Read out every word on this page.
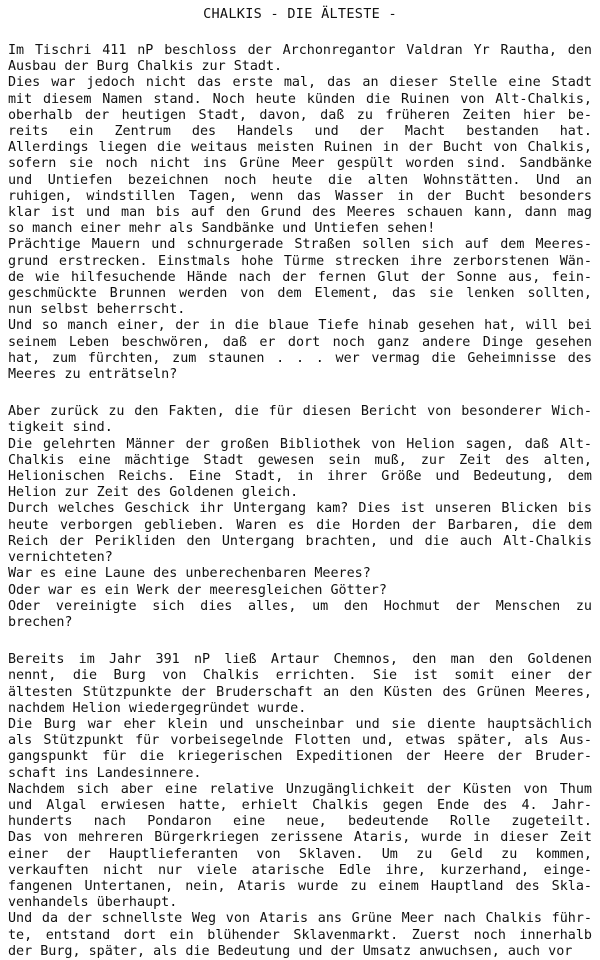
CHALKIS - DIE ÄLTESTE -
Im Tischri 411 nP beschloss der Archonregantor Valdran Yr Rautha, den
Ausbau der Burg Chalkis zur Stadt.
Dies war jedoch nicht das erste mal, das an dieser Stelle eine Stadt
mit diesem Namen stand. Noch heute künden die Ruinen von Alt-Chalkis,
oberhalb der heutigen Stadt, davon, daß zu früheren Zeiten hier be-
reits ein Zentrum des Handels und der Macht bestanden hat.
Allerdings liegen die weitaus meisten Ruinen in der Bucht von Chalkis,
sofern sie noch nicht ins Grüne Meer gespült worden sind. Sandbänke
und Untiefen bezeichnen noch heute die alten Wohnstätten. Und an
ruhigen, windstillen Tagen, wenn das Wasser in der Bucht besonders
klar ist und man bis auf den Grund des Meeres schauen kann, dann mag
so manch einer mehr als Sandbänke und Untiefen sehen!
Prächtige Mauern und schnurgerade Straßen sollen sich auf dem Meeres-
grund erstrecken. Einstmals hohe Türme strecken ihre zerborstenen Wän-
de wie hilfesuchende Hände nach der fernen Glut der Sonne aus, fein-
geschmückte Brunnen werden von dem Element, das sie lenken sollten,
nun selbst beherrscht.
Und so manch einer, der in die blaue Tiefe hinab gesehen hat, will bei
seinem Leben beschwören, daß er dort noch ganz andere Dinge gesehen
hat, zum fürchten, zum staunen . . . wer vermag die Geheimnisse des
Meeres zu enträtseln?
Aber zurück zu den Fakten, die für diesen Bericht von besonderer Wich-
tigkeit sind.
Die gelehrten Männer der großen Bibliothek von Helion sagen, daß Alt-
Chalkis eine mächtige Stadt gewesen sein muß, zur Zeit des alten,
Helionischen Reichs. Eine Stadt, in ihrer Größe und Bedeutung, dem
Helion zur Zeit des Goldenen gleich.
Durch welches Geschick ihr Untergang kam? Dies ist unseren Blicken bis
heute verborgen geblieben. Waren es die Horden der Barbaren, die dem
Reich der Perikliden den Untergang brachten, und die auch Alt-Chalkis
vernichteten?
War es eine Laune des unberechenbaren Meeres?
Oder war es ein Werk der meeresgleichen Götter?
Oder vereinigte sich dies alles, um den Hochmut der Menschen zu
brechen?
Bereits im Jahr 391 nP ließ Artaur Chemnos, den man den Goldenen
nennt, die Burg von Chalkis errichten. Sie ist somit einer der
ältesten Stützpunkte der Bruderschaft an den Küsten des Grünen Meeres,
nachdem Helion wiedergegründet wurde.
Die Burg war eher klein und unscheinbar und sie diente hauptsächlich
als Stützpunkt für vorbeisegelnde Flotten und, etwas später, als Aus-
gangspunkt für die kriegerischen Expeditionen der Heere der Bruder-
schaft ins Landesinnere.
Nachdem sich aber eine relative Unzugänglichkeit der Küsten von Thum
und Algal erwiesen hatte, erhielt Chalkis gegen Ende des 4. Jahr-
hunderts nach Pondaron eine neue, bedeutende Rolle zugeteilt.
Das von mehreren Bürgerkriegen zerissene Ataris, wurde in dieser Zeit
einer der Hauptlieferanten von Sklaven. Um zu Geld zu kommen,
verkauften nicht nur viele atarische Edle ihre, kurzerhand, einge-
fangenen Untertanen, nein, Ataris wurde zu einem Hauptland des Skla-
venhandels überhaupt.
Und da der schnellste Weg von Ataris ans Grüne Meer nach Chalkis führ-
te, entstand dort ein blühender Sklavenmarkt. Zuerst noch innerhalb
der Burg, später, als die Bedeutung und der Umsatz anwuchsen, auch vor
